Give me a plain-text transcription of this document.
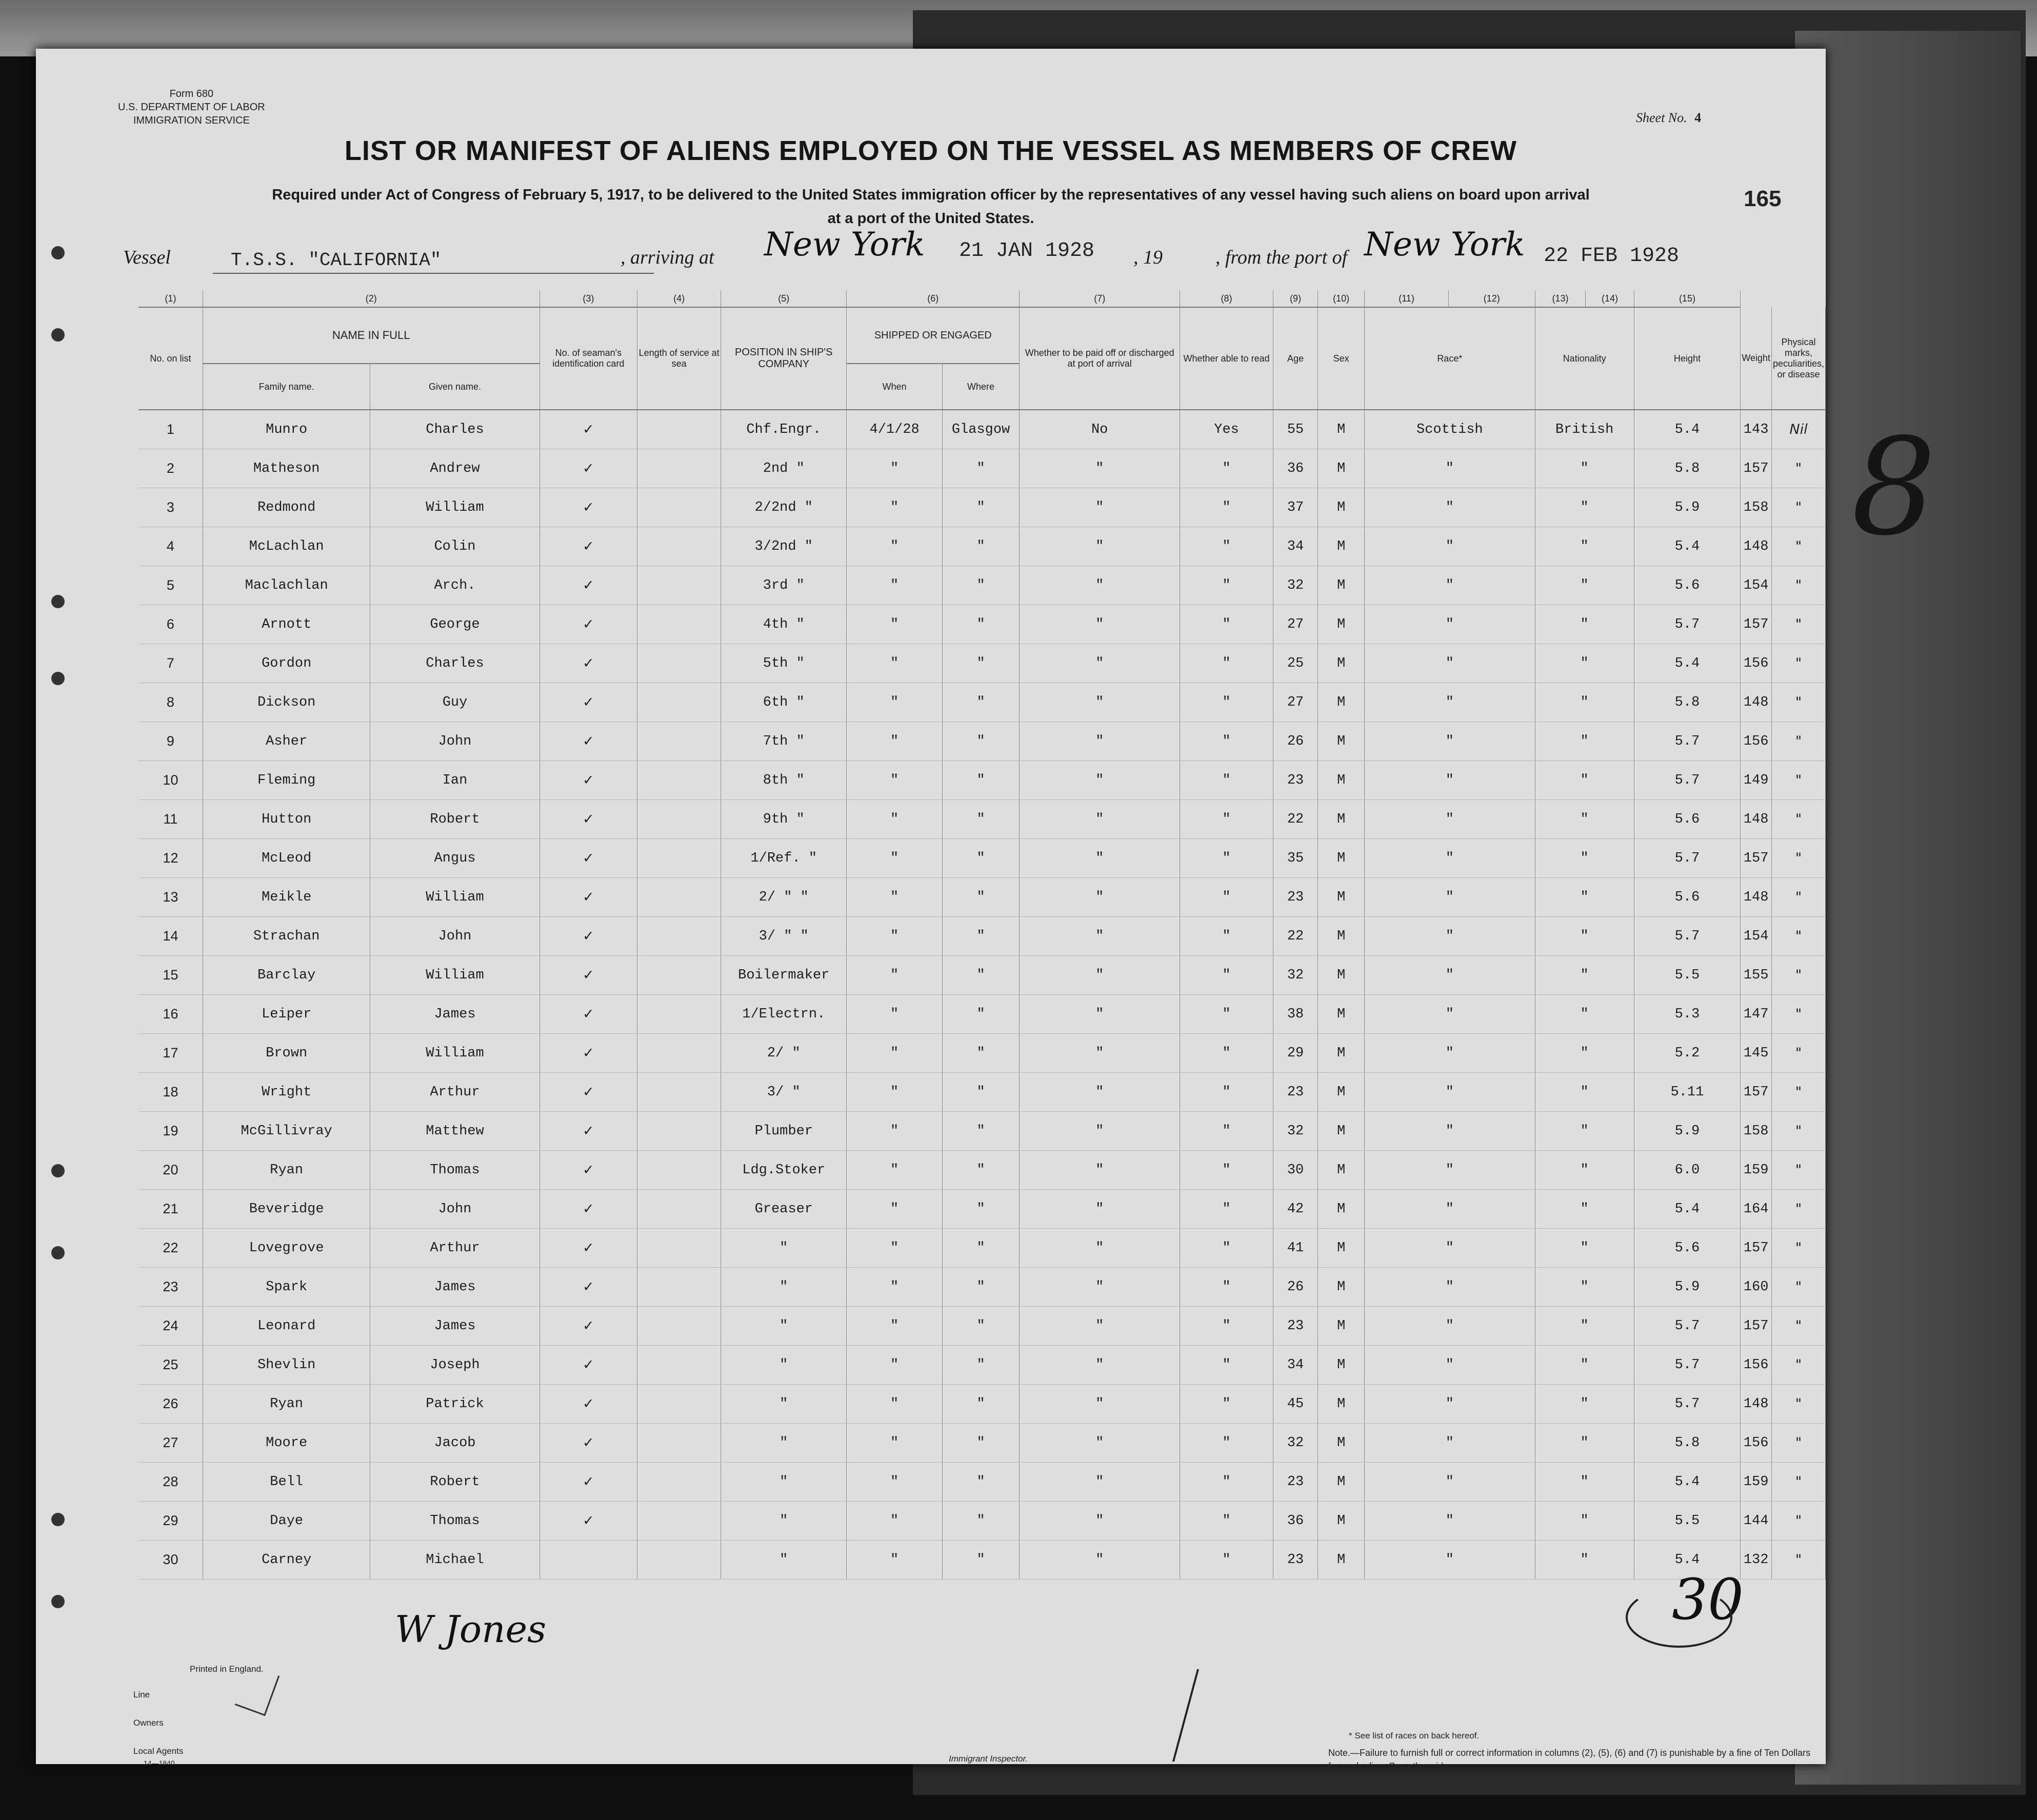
Form 680
U.S. DEPARTMENT OF LABOR
IMMIGRATION SERVICE	Sheet No. 4
LIST OR MANIFEST OF ALIENS EMPLOYED ON THE VESSEL AS MEMBERS OF CREW
Required under Act of Congress of February 5, 1917, to be delivered to the United States immigration officer by the representatives of any vessel having such aliens on board upon arrival at a port of the United States.
165
Vessel	T.S.S. "CALIFORNIA"	, arriving at New York 21 JAN 1928 , 19	, from the port of New York 22 FEB 1928
(1)	(2)		(3)	(4)	(5)	(6)		(7)	(8)	(9)	(10)	(11)	(12)	(13)	(14)	(15)		
No. on list	NAME IN FULL		No. of seaman's identification card	Length of service at sea	POSITION IN SHIP'S COMPANY	SHIPPED OR ENGAGED		Whether to be paid off or discharged at port of arrival	Whether able to read	Age	Sex	Race*		Nationality		Height	Weight	Physical marks, peculiarities, or disease
	Family name.	Given name.				When	Where											
1	Munro	Charles	✓		Chf.Engr.	4/1/28	Glasgow	No	Yes	55	M	Scottish		British		5.4	143	Nil
2	Matheson	Andrew	✓		2nd "	"	"	"	"	36	M	"		"		5.8	157	"
3	Redmond	William	✓		2/2nd "	"	"	"	"	37	M	"		"		5.9	158	"
4	McLachlan	Colin	✓		3/2nd "	"	"	"	"	34	M	"		"		5.4	148	"
5	Maclachlan	Arch.	✓		3rd "	"	"	"	"	32	M	"		"		5.6	154	"
6	Arnott	George	✓		4th "	"	"	"	"	27	M	"		"		5.7	157	"
7	Gordon	Charles	✓		5th "	"	"	"	"	25	M	"		"		5.4	156	"
8	Dickson	Guy	✓		6th "	"	"	"	"	27	M	"		"		5.8	148	"
9	Asher	John	✓		7th "	"	"	"	"	26	M	"		"		5.7	156	"
10	Fleming	Ian	✓		8th "	"	"	"	"	23	M	"		"		5.7	149	"
11	Hutton	Robert	✓		9th "	"	"	"	"	22	M	"		"		5.6	148	"
12	McLeod	Angus	✓		1/Ref. "	"	"	"	"	35	M	"		"		5.7	157	"
13	Meikle	William	✓		2/ " "	"	"	"	"	23	M	"		"		5.6	148	"
14	Strachan	John	✓		3/ " "	"	"	"	"	22	M	"		"		5.7	154	"
15	Barclay	William	✓		Boilermaker	"	"	"	"	32	M	"		"		5.5	155	"
16	Leiper	James	✓		1/Electrn.	"	"	"	"	38	M	"		"		5.3	147	"
17	Brown	William	✓		2/ "	"	"	"	"	29	M	"		"		5.2	145	"
18	Wright	Arthur	✓		3/ "	"	"	"	"	23	M	"		"		5.11	157	"
19	McGillivray	Matthew	✓		Plumber	"	"	"	"	32	M	"		"		5.9	158	"
20	Ryan	Thomas	✓		Ldg.Stoker	"	"	"	"	30	M	"		"		6.0	159	"
21	Beveridge	John	✓		Greaser	"	"	"	"	42	M	"		"		5.4	164	"
22	Lovegrove	Arthur	✓		"	"	"	"	"	41	M	"		"		5.6	157	"
23	Spark	James	✓		"	"	"	"	"	26	M	"		"		5.9	160	"
24	Leonard	James	✓		"	"	"	"	"	23	M	"		"		5.7	157	"
25	Shevlin	Joseph	✓		"	"	"	"	"	34	M	"		"		5.7	156	"
26	Ryan	Patrick	✓		"	"	"	"	"	45	M	"		"		5.7	148	"
27	Moore	Jacob	✓		"	"	"	"	"	32	M	"		"		5.8	156	"
28	Bell	Robert	✓		"	"	"	"	"	23	M	"		"		5.4	159	"
29	Daye	Thomas	✓		"	"	"	"	"	36	M	"		"		5.5	144	"
30	Carney	Michael			"	"	"	"	"	23	M	"		"		5.4	132	"
W Jones	30
Printed in England.
Line
Owners
Local Agents
14—1840	Immigrant Inspector.
* See list of races on back hereof.
Note.—Failure to furnish full or correct information in columns (2), (5), (6) and (7) is punishable by a fine of Ten Dollars for each alien. See other side.
8
